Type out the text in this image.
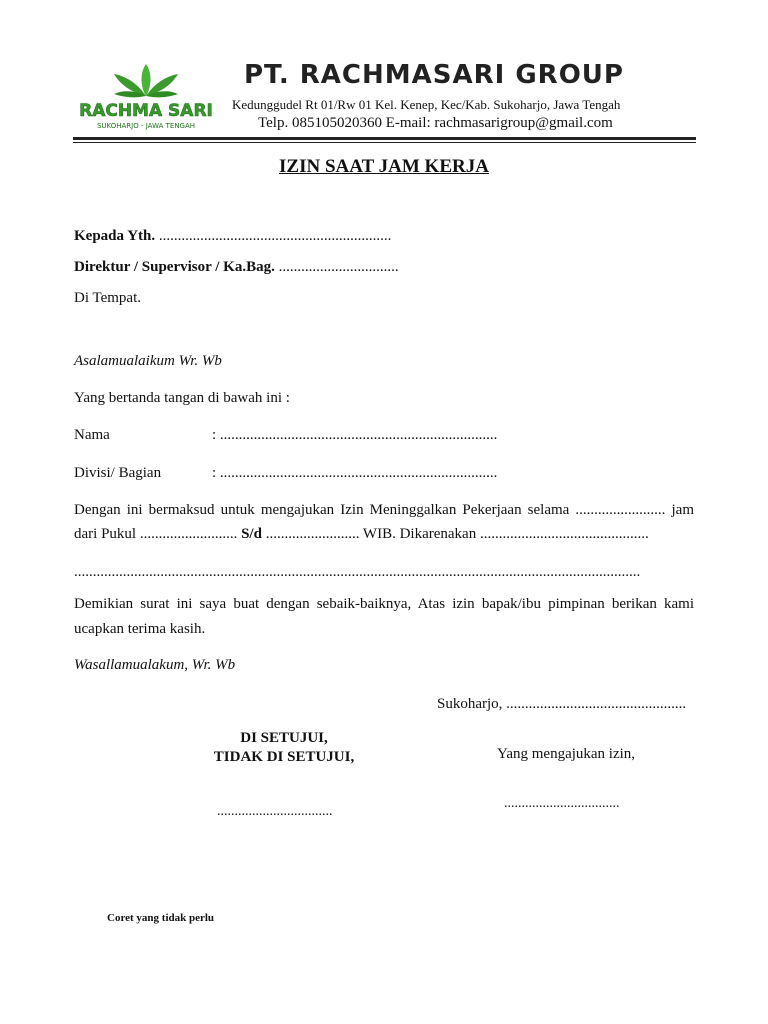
RACHMA SARI
SUKOHARJO - JAWA TENGAH
PT. RACHMASARI GROUP
Kedunggudel Rt 01/Rw 01 Kel. Kenep, Kec/Kab. Sukoharjo, Jawa Tengah
Telp. 085105020360 E-mail: rachmasarigroup@gmail.com
IZIN SAAT JAM KERJA
Kepada Yth. ..............................................................
Direktur / Supervisor / Ka.Bag. ................................
Di Tempat.
Asalamualaikum Wr. Wb
Yang bertanda tangan di bawah ini :
Nama	: ..........................................................................
Divisi/ Bagian	: ..........................................................................
Dengan ini bermaksud untuk mengajukan Izin Meninggalkan Pekerjaan selama ........................ jam
dari Pukul .......................... S/d ......................... WIB. Dikarenakan .............................................
.......................................................................................................................................................
Demikian surat ini saya buat dengan sebaik-baiknya, Atas izin bapak/ibu pimpinan berikan kami
ucapkan terima kasih.
Wasallamualakum, Wr. Wb
Sukoharjo, ................................................
DI SETUJUI,
TIDAK DI SETUJUI,	Yang mengajukan izin,
.................................
.................................
Coret yang tidak perlu
